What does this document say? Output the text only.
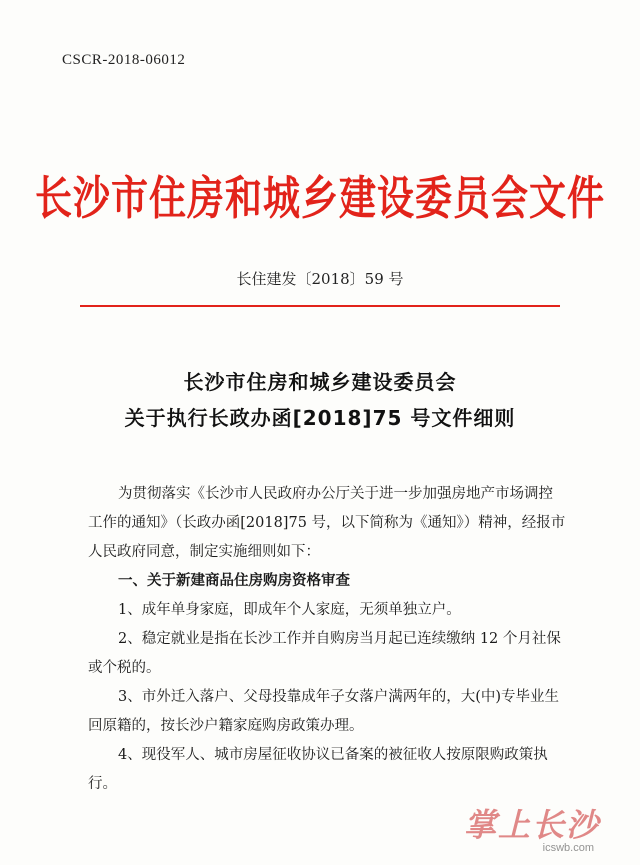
CSCR-2018-06012
长沙市住房和城乡建设委员会文件
长住建发〔2018〕59 号
长沙市住房和城乡建设委员会
关于执行长政办函[2018]75 号文件细则

为贯彻落实《长沙市人民政府办公厅关于进一步加强房地产市场调控工作的通知》（长政办函[2018]75 号，以下简称为《通知》）精神，经报市人民政府同意，制定实施细则如下：

一、关于新建商品住房购房资格审查

1、成年单身家庭，即成年个人家庭，无须单独立户。

2、稳定就业是指在长沙工作并自购房当月起已连续缴纳 12 个月社保或个税的。

3、市外迁入落户、父母投靠成年子女落户满两年的，大(中)专毕业生回原籍的，按长沙户籍家庭购房政策办理。

4、现役军人、城市房屋征收协议已备案的被征收人按原限购政策执行。

掌上长沙
icswb.com
